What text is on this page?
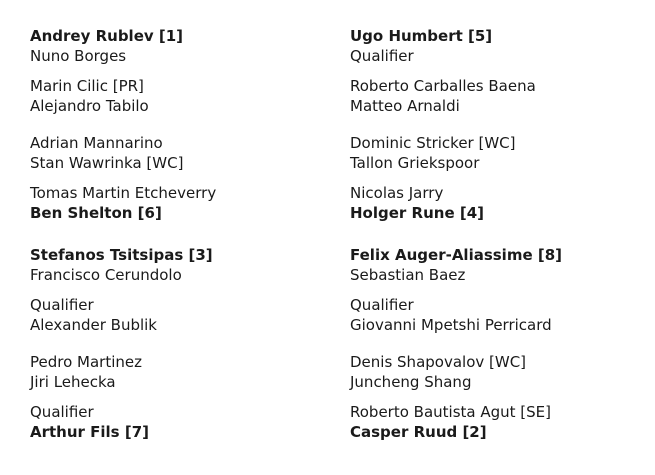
Andrey Rublev [1]
Nuno Borges
Marin Cilic [PR]
Alejandro Tabilo
Adrian Mannarino
Stan Wawrinka [WC]
Tomas Martin Etcheverry
Ben Shelton [6]
Stefanos Tsitsipas [3]
Francisco Cerundolo
Qualifier
Alexander Bublik
Pedro Martinez
Jiri Lehecka
Qualifier
Arthur Fils [7]
Ugo Humbert [5]
Qualifier
Roberto Carballes Baena
Matteo Arnaldi
Dominic Stricker [WC]
Tallon Griekspoor
Nicolas Jarry
Holger Rune [4]
Felix Auger-Aliassime [8]
Sebastian Baez
Qualifier
Giovanni Mpetshi Perricard
Denis Shapovalov [WC]
Juncheng Shang
Roberto Bautista Agut [SE]
Casper Ruud [2]
